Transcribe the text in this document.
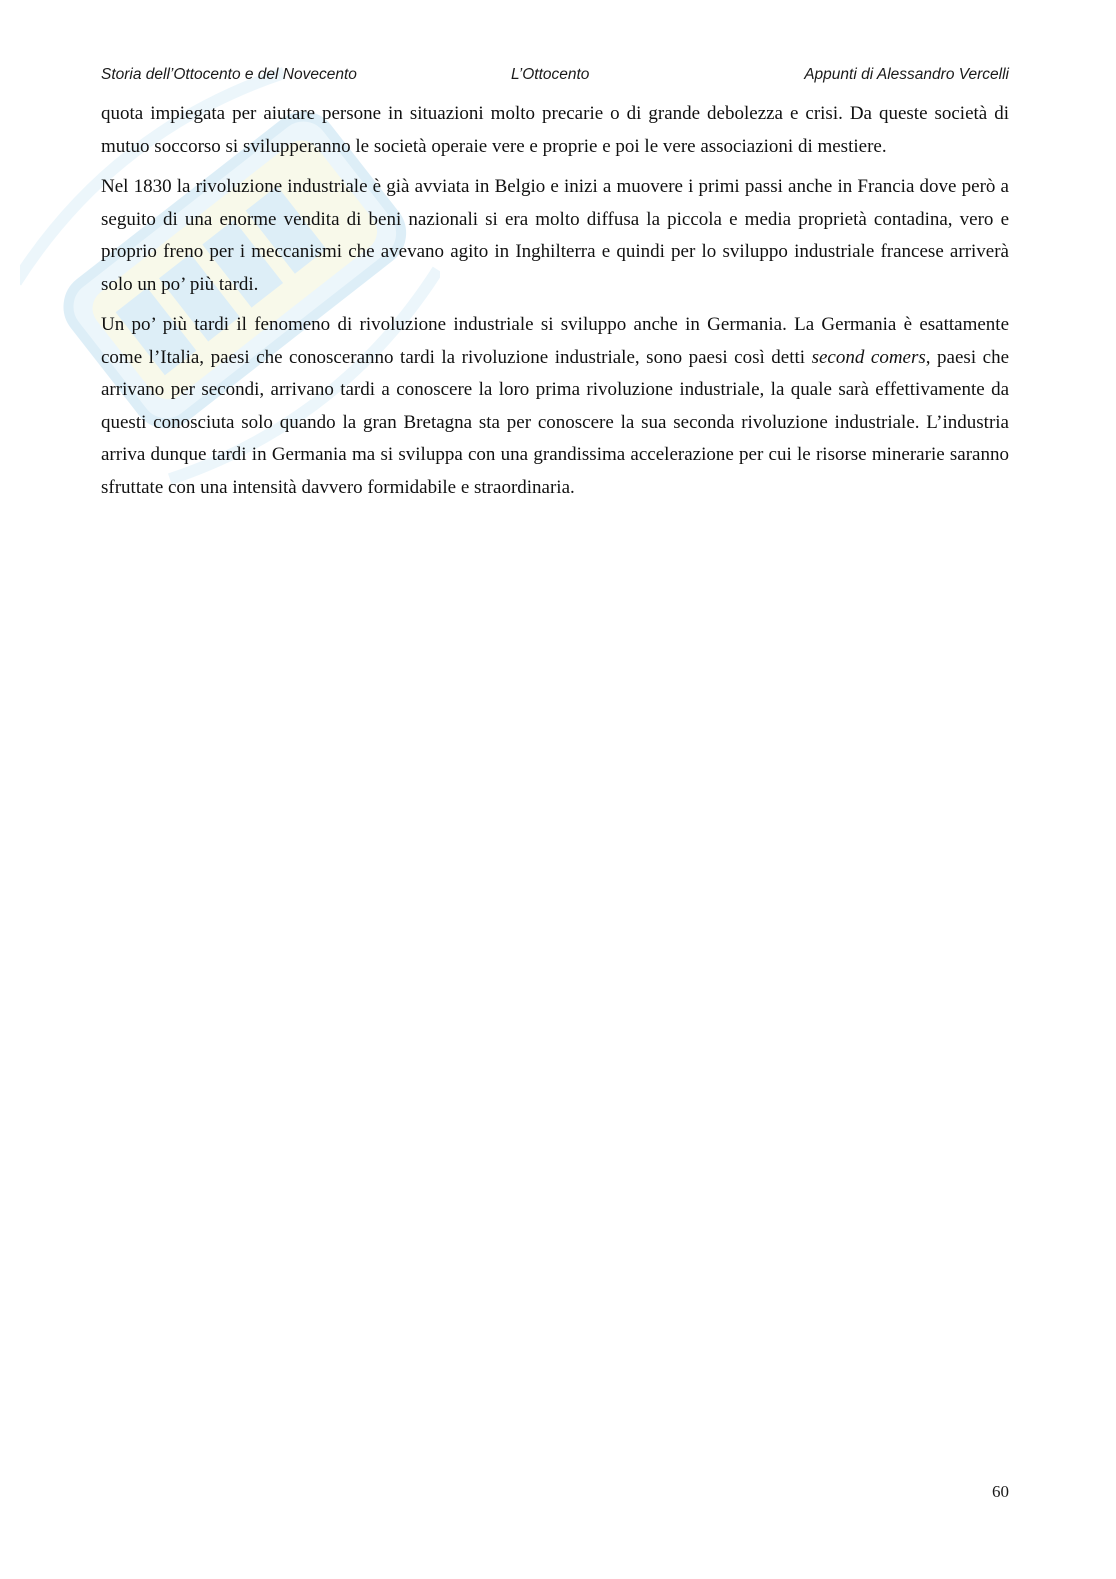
Storia dell’Ottocento e del Novecento	L’Ottocento	Appunti di Alessandro Vercelli

quota impiegata per aiutare persone in situazioni molto precarie o di grande debolezza e crisi. Da queste società di mutuo soccorso si svilupperanno le società operaie vere e proprie e poi le vere associazioni di mestiere.

Nel 1830 la rivoluzione industriale è già avviata in Belgio e inizi a muovere i primi passi anche in Francia dove però a seguito di una enorme vendita di beni nazionali si era molto diffusa la piccola e media proprietà contadina, vero e proprio freno per i meccanismi che avevano agito in Inghilterra e quindi per lo sviluppo industriale francese arriverà solo un po’ più tardi.

Un po’ più tardi il fenomeno di rivoluzione industriale si sviluppo anche in Germania. La Germania è esattamente come l’Italia, paesi che conosceranno tardi la rivoluzione industriale, sono paesi così detti second comers, paesi che arrivano per secondi, arrivano tardi a conoscere la loro prima rivoluzione industriale, la quale sarà effettivamente da questi conosciuta solo quando la gran Bretagna sta per conoscere la sua seconda rivoluzione industriale. L’industria arriva dunque tardi in Germania ma si sviluppa con una grandissima accelerazione per cui le risorse minerarie saranno sfruttate con una intensità davvero formidabile e straordinaria.

60
